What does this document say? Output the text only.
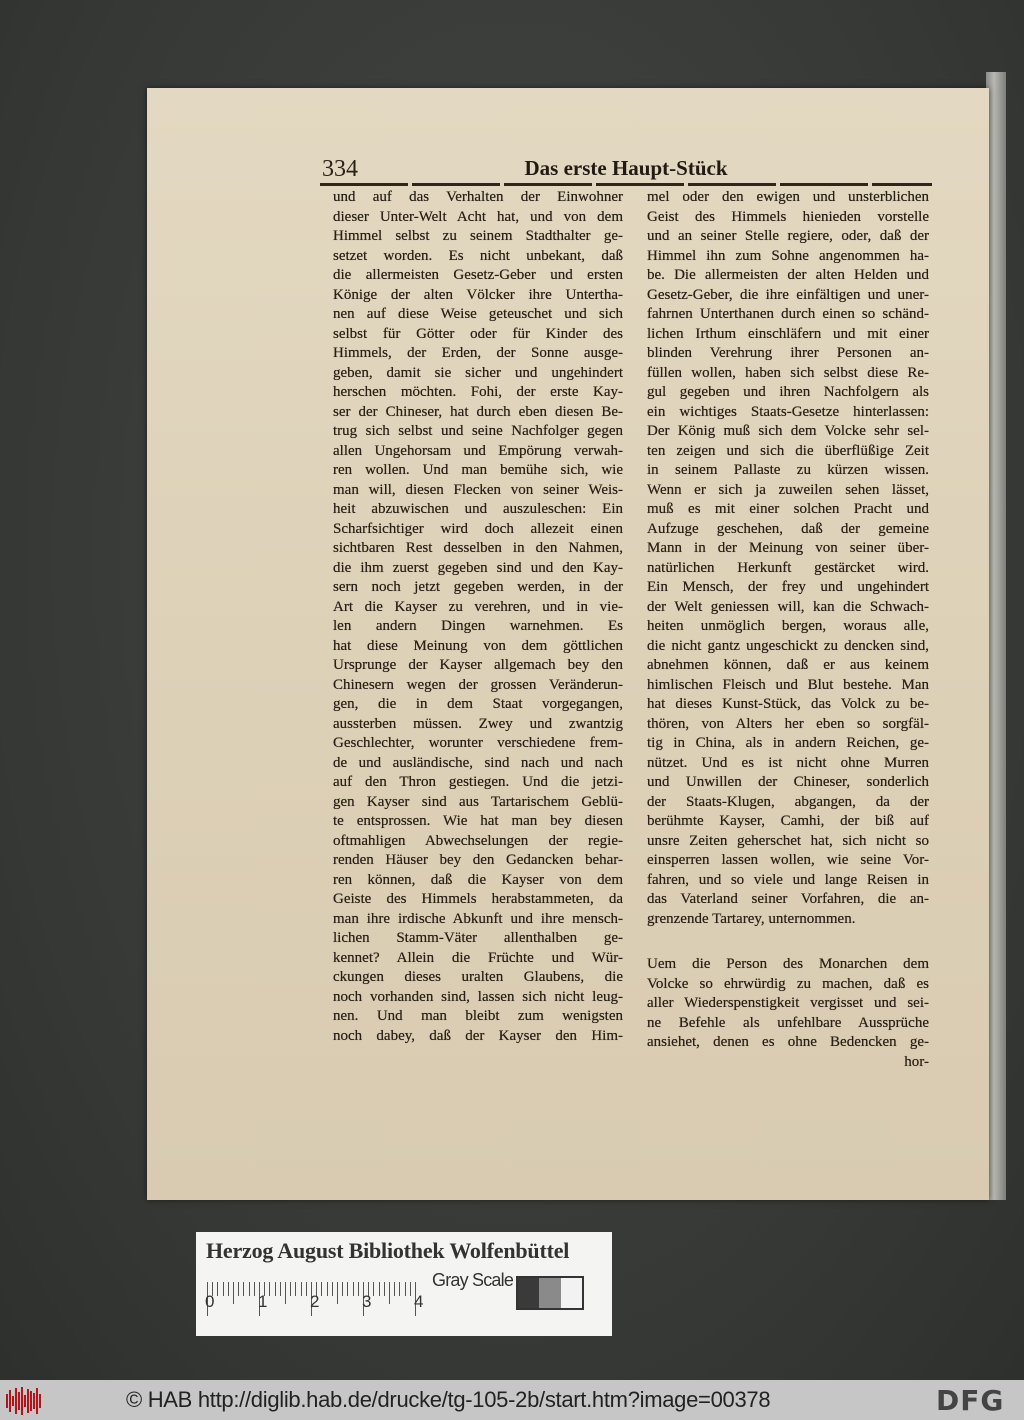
334	Das erste Haupt-Stück
und auf das Verhalten der Einwohner
dieser Unter-Welt Acht hat, und von dem
Himmel selbst zu seinem Stadthalter ge-
setzet worden. Es nicht unbekant, daß
die allermeisten Gesetz-Geber und ersten
Könige der alten Völcker ihre Untertha-
nen auf diese Weise geteuschet und sich
selbst für Götter oder für Kinder des
Himmels, der Erden, der Sonne ausge-
geben, damit sie sicher und ungehindert
herschen möchten. Fohi, der erste Kay-
ser der Chineser, hat durch eben diesen Be-
trug sich selbst und seine Nachfolger gegen
allen Ungehorsam und Empörung verwah-
ren wollen. Und man bemühe sich, wie
man will, diesen Flecken von seiner Weis-
heit abzuwischen und auszuleschen: Ein
Scharfsichtiger wird doch allezeit einen
sichtbaren Rest desselben in den Nahmen,
die ihm zuerst gegeben sind und den Kay-
sern noch jetzt gegeben werden, in der
Art die Kayser zu verehren, und in vie-
len andern Dingen warnehmen. Es
hat diese Meinung von dem göttlichen
Ursprunge der Kayser allgemach bey den
Chinesern wegen der grossen Veränderun-
gen, die in dem Staat vorgegangen,
aussterben müssen. Zwey und zwantzig
Geschlechter, worunter verschiedene frem-
de und ausländische, sind nach und nach
auf den Thron gestiegen. Und die jetzi-
gen Kayser sind aus Tartarischem Geblü-
te entsprossen. Wie hat man bey diesen
oftmahligen Abwechselungen der regie-
renden Häuser bey den Gedancken behar-
ren können, daß die Kayser von dem
Geiste des Himmels herabstammeten, da
man ihre irdische Abkunft und ihre mensch-
lichen Stamm-Väter allenthalben ge-
kennet? Allein die Früchte und Wür-
ckungen dieses uralten Glaubens, die
noch vorhanden sind, lassen sich nicht leug-
nen. Und man bleibt zum wenigsten
noch dabey, daß der Kayser den Him-
mel oder den ewigen und unsterblichen
Geist des Himmels hienieden vorstelle
und an seiner Stelle regiere, oder, daß der
Himmel ihn zum Sohne angenommen ha-
be. Die allermeisten der alten Helden und
Gesetz-Geber, die ihre einfältigen und uner-
fahrnen Unterthanen durch einen so schänd-
lichen Irthum einschläfern und mit einer
blinden Verehrung ihrer Personen an-
füllen wollen, haben sich selbst diese Re-
gul gegeben und ihren Nachfolgern als
ein wichtiges Staats-Gesetze hinterlassen:
Der König muß sich dem Volcke sehr sel-
ten zeigen und sich die überflüßige Zeit
in seinem Pallaste zu kürzen wissen.
Wenn er sich ja zuweilen sehen lässet,
muß es mit einer solchen Pracht und
Aufzuge geschehen, daß der gemeine
Mann in der Meinung von seiner über-
natürlichen Herkunft gestärcket wird.
Ein Mensch, der frey und ungehindert
der Welt geniessen will, kan die Schwach-
heiten unmöglich bergen, woraus alle,
die nicht gantz ungeschickt zu dencken sind,
abnehmen können, daß er aus keinem
himlischen Fleisch und Blut bestehe. Man
hat dieses Kunst-Stück, das Volck zu be-
thören, von Alters her eben so sorgfäl-
tig in China, als in andern Reichen, ge-
nützet. Und es ist nicht ohne Murren
und Unwillen der Chineser, sonderlich
der Staats-Klugen, abgangen, da der
berühmte Kayser, Camhi, der biß auf
unsre Zeiten geherschet hat, sich nicht so
einsperren lassen wollen, wie seine Vor-
fahren, und so viele und lange Reisen in
das Vaterland seiner Vorfahren, die an-
grenzende Tartarey, unternommen.
Uem die Person des Monarchen dem
Volcke so ehrwürdig zu machen, daß es
aller Wiederspenstigkeit vergisset und sei-
ne Befehle als unfehlbare Aussprüche
ansiehet, denen es ohne Bedencken ge-
hor-
Herzog August Bibliothek Wolfenbüttel
0	1	2	3	4
Gray Scale
© HAB http://diglib.hab.de/drucke/tg-105-2b/start.htm?image=00378	DFG
